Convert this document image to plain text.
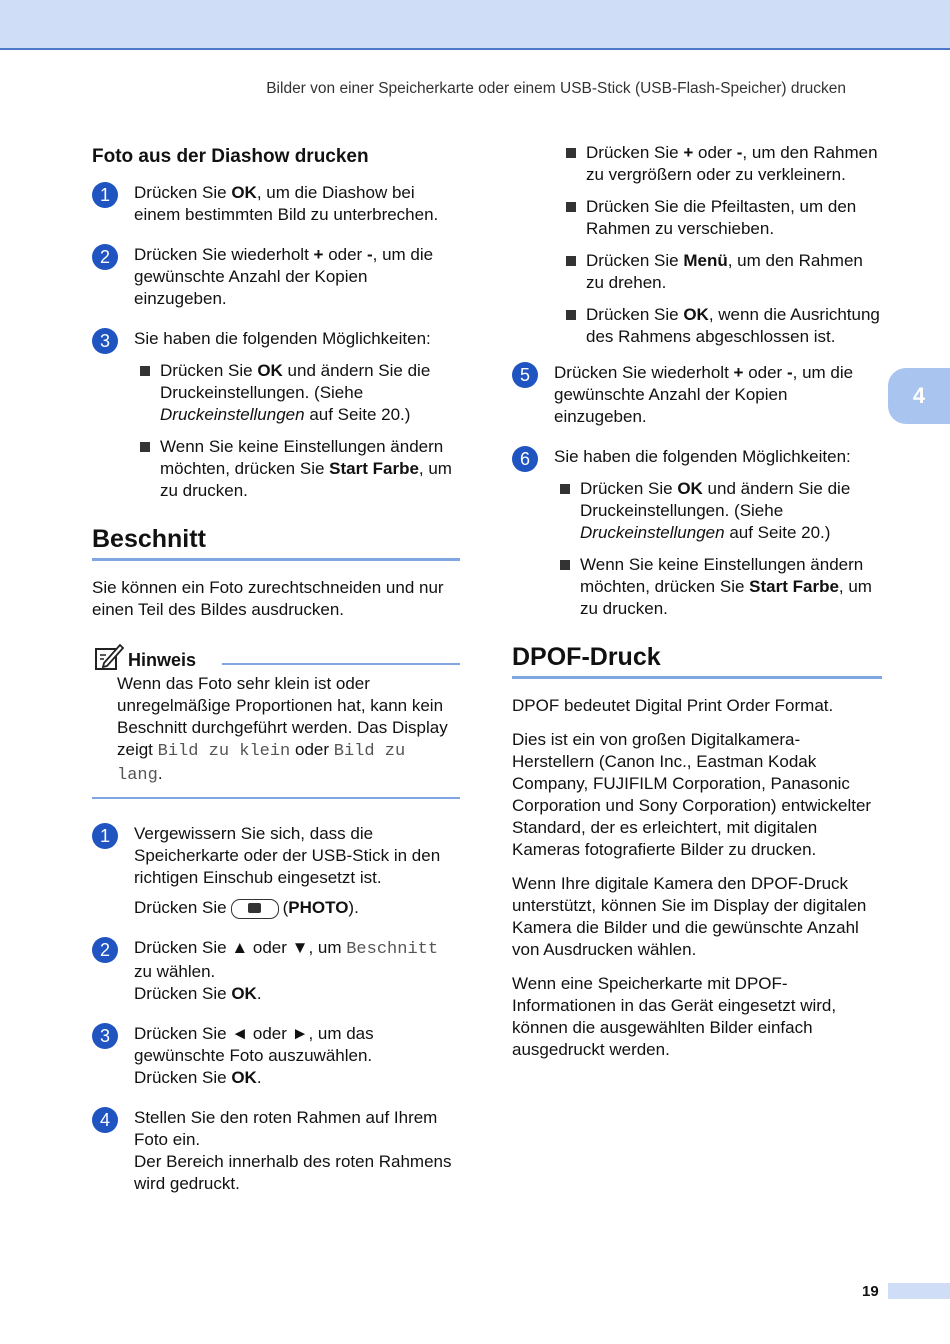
Bilder von einer Speicherkarte oder einem USB-Stick (USB-Flash-Speicher) drucken
Foto aus der Diashow drucken
1	Drücken Sie OK, um die Diashow bei einem bestimmten Bild zu unterbrechen.

2	Drücken Sie wiederholt + oder -, um die gewünschte Anzahl der Kopien einzugeben.

3	Sie haben die folgenden Möglichkeiten:

Drücken Sie OK und ändern Sie die Druckeinstellungen. (Siehe Druckeinstellungen auf Seite 20.)
Wenn Sie keine Einstellungen ändern möchten, drücken Sie Start Farbe, um zu drucken.
Beschnitt

Sie können ein Foto zurechtschneiden und nur einen Teil des Bildes ausdrucken.

Hinweis
Wenn das Foto sehr klein ist oder unregelmäßige Proportionen hat, kann kein Beschnitt durchgeführt werden. Das Display zeigt Bild zu klein oder Bild zu lang.
1	Vergewissern Sie sich, dass die Speicherkarte oder der USB-Stick in den richtigen Einschub eingesetzt ist.

Drücken Sie	(PHOTO).

2	Drücken Sie ▲ oder ▼, um Beschnitt
zu wählen.
Drücken Sie OK.

3	Drücken Sie ◄ oder ►, um das gewünschte Foto auszuwählen.
Drücken Sie OK.

4	Stellen Sie den roten Rahmen auf Ihrem Foto ein.
Der Bereich innerhalb des roten Rahmens wird gedruckt.

Drücken Sie + oder -, um den Rahmen zu vergrößern oder zu verkleinern.
Drücken Sie die Pfeiltasten, um den Rahmen zu verschieben.
Drücken Sie Menü, um den Rahmen zu drehen.
Drücken Sie OK, wenn die Ausrichtung des Rahmens abgeschlossen ist.
5	Drücken Sie wiederholt + oder -, um die gewünschte Anzahl der Kopien einzugeben.

6	Sie haben die folgenden Möglichkeiten:

Drücken Sie OK und ändern Sie die Druckeinstellungen. (Siehe Druckeinstellungen auf Seite 20.)
Wenn Sie keine Einstellungen ändern möchten, drücken Sie Start Farbe, um zu drucken.
DPOF-Druck

DPOF bedeutet Digital Print Order Format.

Dies ist ein von großen Digitalkamera-Herstellern (Canon Inc., Eastman Kodak Company, FUJIFILM Corporation, Panasonic Corporation und Sony Corporation) entwickelter Standard, der es erleichtert, mit digitalen Kameras fotografierte Bilder zu drucken.

Wenn Ihre digitale Kamera den DPOF-Druck unterstützt, können Sie im Display der digitalen Kamera die Bilder und die gewünschte Anzahl von Ausdrucken wählen.

Wenn eine Speicherkarte mit DPOF-Informationen in das Gerät eingesetzt wird, können die ausgewählten Bilder einfach ausgedruckt werden.

4
19
